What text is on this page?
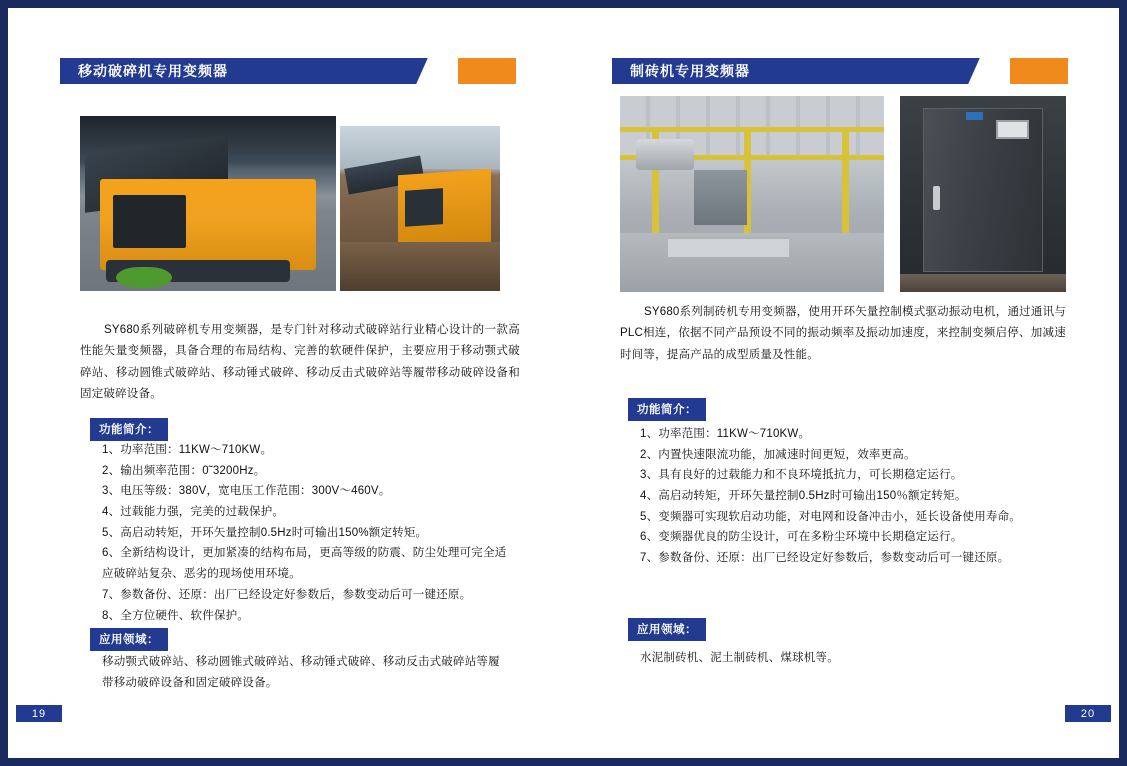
移动破碎机专用变频器
SY680系列破碎机专用变频器，是专门针对移动式破碎站行业精心设计的一款高性能矢量变频器，具备合理的布局结构、完善的软硬件保护，主要应用于移动颚式破碎站、移动圆锥式破碎站、移动锤式破碎、移动反击式破碎站等履带移动破碎设备和固定破碎设备。
功能简介：
1、功率范围：11KW～710KW。
2、输出频率范围：0˜3200Hz。
3、电压等级：380V，宽电压工作范围：300V～460V。
4、过载能力强，完美的过载保护。
5、高启动转矩，开环矢量控制0.5Hz时可输出150%额定转矩。
6、全新结构设计，更加紧凑的结构布局，更高等级的防震、防尘处理可完全适应破碎站复杂、恶劣的现场使用环境。
7、参数备份、还原：出厂已经设定好参数后，参数变动后可一键还原。
8、全方位硬件、软件保护。
应用领域：
移动颚式破碎站、移动圆锥式破碎站、移动锤式破碎、移动反击式破碎站等履带移动破碎设备和固定破碎设备。
19
制砖机专用变频器
SY680系列制砖机专用变频器，使用开环矢量控制模式驱动振动电机，通过通讯与PLC相连，依据不同产品预设不同的振动频率及振动加速度，来控制变频启停、加减速时间等，提高产品的成型质量及性能。
功能简介：
1、功率范围：11KW～710KW。
2、内置快速限流功能，加减速时间更短，效率更高。
3、具有良好的过载能力和不良环境抵抗力，可长期稳定运行。
4、高启动转矩，开环矢量控制0.5Hz时可输出150％额定转矩。
5、变频器可实现软启动功能，对电网和设备冲击小，延长设备使用寿命。
6、变频器优良的防尘设计，可在多粉尘环境中长期稳定运行。
7、参数备份、还原：出厂已经设定好参数后，参数变动后可一键还原。
应用领域：
水泥制砖机、泥土制砖机、煤球机等。
20
